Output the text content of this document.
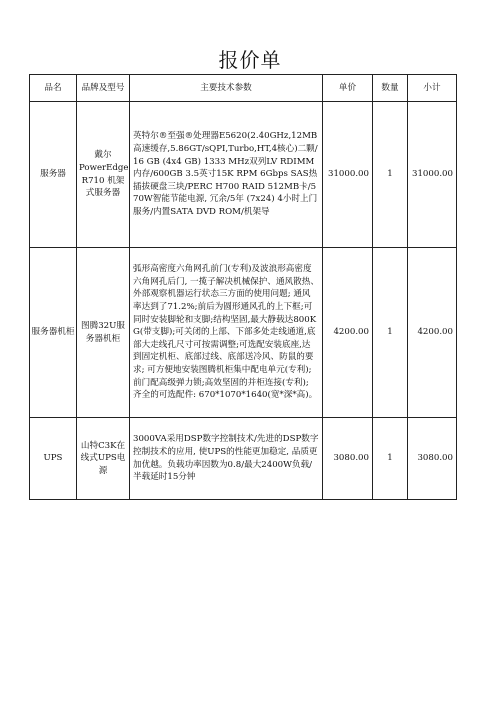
报价单
品名	品牌及型号	主要技术参数	单价	数量	小计
服务器	戴尔PowerEdge R710 机架式服务器	英特尔®至强®处理器E5620(2.40GHz,12MB高速缓存,5.86GT/sQPI,Turbo,HT,4核心)二颗/16 GB (4x4 GB) 1333 MHz双列LV RDIMM内存/600GB 3.5英寸15K RPM 6Gbps SAS热插拔硬盘三块/PERC H700 RAID 512MB卡/570W智能节能电源, 冗余/5年 (7x24) 4小时上门服务/内置SATA DVD ROM/机架导	31000.00	1	31000.00
服务器机柜	图腾32U服务器机柜	弧形高密度六角网孔前门(专利)及波浪形高密度六角网孔后门, 一揽子解决机械保护、通风散热、外部观察机器运行状态三方面的使用问题; 通风率达到了71.2%;前后为圆形通风孔的上下框;可同时安装脚轮和支脚;结构坚固,最大静载达800KG(带支脚);可关闭的上部、下部多处走线通道,底部大走线孔尺寸可按需调整;可选配安装底座,达到固定机柜、底部过线、底部送冷风、防鼠的要求; 可方便地安装图腾机柜集中配电单元(专利); 前门配高级弹力锁;高效坚固的并柜连接(专利); 齐全的可选配件: 670*1070*1640(宽*深*高)。	4200.00	1	4200.00
UPS	山特C3K在线式UPS电源	3000VA采用DSP数字控制技术/先进的DSP数字控制技术的应用, 使UPS的性能更加稳定, 品质更加优越。负载功率因数为0.8/最大2400W负载/半载延时15分钟	3080.00	1	3080.00
